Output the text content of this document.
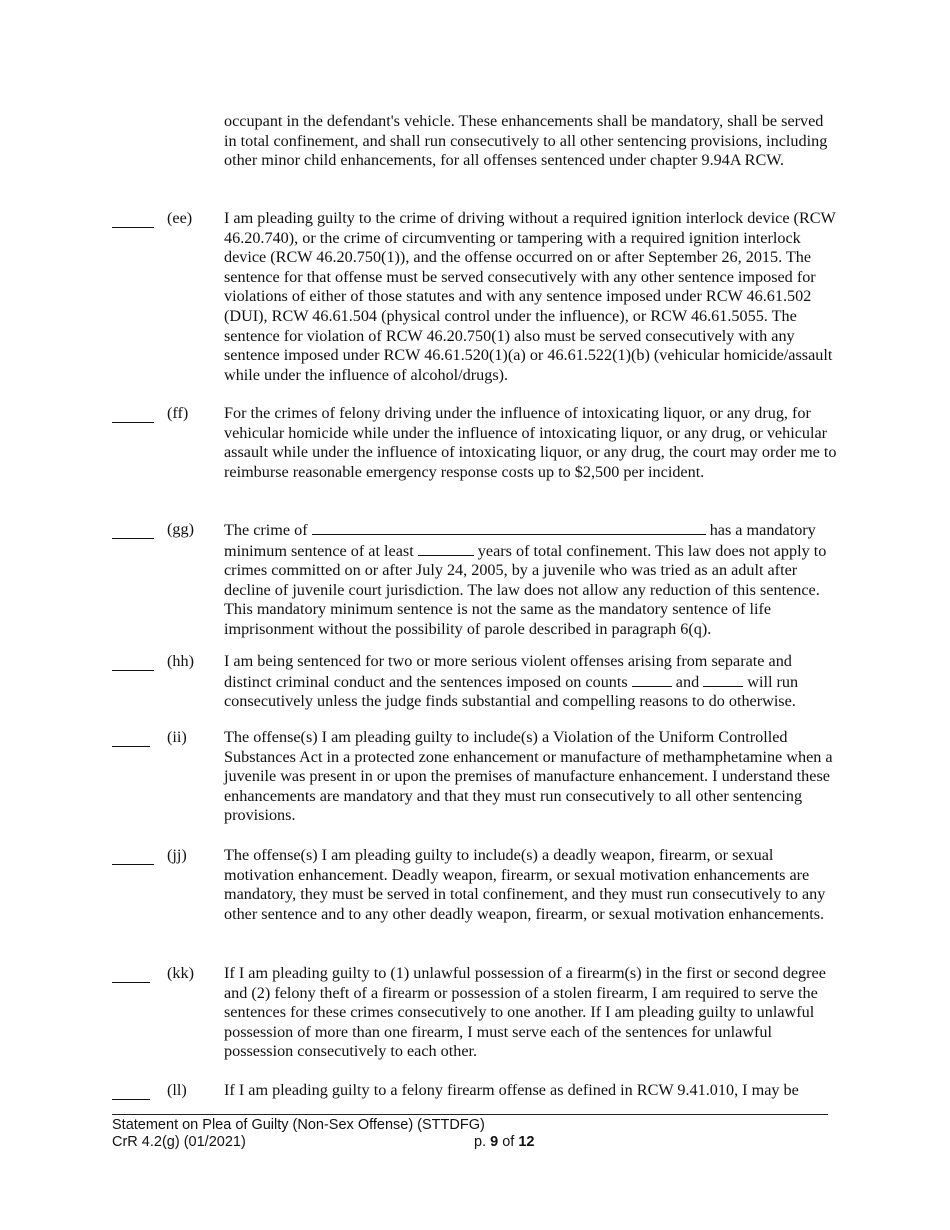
occupant in the defendant's vehicle. These enhancements shall be mandatory, shall be served in total confinement, and shall run consecutively to all other sentencing provisions, including other minor child enhancements, for all offenses sentenced under chapter 9.94A RCW.
(ee) I am pleading guilty to the crime of driving without a required ignition interlock device (RCW 46.20.740), or the crime of circumventing or tampering with a required ignition interlock device (RCW 46.20.750(1)), and the offense occurred on or after September 26, 2015. The sentence for that offense must be served consecutively with any other sentence imposed for violations of either of those statutes and with any sentence imposed under RCW 46.61.502 (DUI), RCW 46.61.504 (physical control under the influence), or RCW 46.61.5055. The sentence for violation of RCW 46.20.750(1) also must be served consecutively with any sentence imposed under RCW 46.61.520(1)(a) or 46.61.522(1)(b) (vehicular homicide/assault while under the influence of alcohol/drugs).
(ff) For the crimes of felony driving under the influence of intoxicating liquor, or any drug, for vehicular homicide while under the influence of intoxicating liquor, or any drug, or vehicular assault while under the influence of intoxicating liquor, or any drug, the court may order me to reimburse reasonable emergency response costs up to $2,500 per incident.
(gg) The crime of	has a mandatory minimum sentence of at least	years of total confinement. This law does not apply to crimes committed on or after July 24, 2005, by a juvenile who was tried as an adult after decline of juvenile court jurisdiction. The law does not allow any reduction of this sentence. This mandatory minimum sentence is not the same as the mandatory sentence of life imprisonment without the possibility of parole described in paragraph 6(q).
(hh) I am being sentenced for two or more serious violent offenses arising from separate and distinct criminal conduct and the sentences imposed on counts	and	will run consecutively unless the judge finds substantial and compelling reasons to do otherwise.
(ii) The offense(s) I am pleading guilty to include(s) a Violation of the Uniform Controlled Substances Act in a protected zone enhancement or manufacture of methamphetamine when a juvenile was present in or upon the premises of manufacture enhancement. I understand these enhancements are mandatory and that they must run consecutively to all other sentencing provisions.
(jj) The offense(s) I am pleading guilty to include(s) a deadly weapon, firearm, or sexual motivation enhancement. Deadly weapon, firearm, or sexual motivation enhancements are mandatory, they must be served in total confinement, and they must run consecutively to any other sentence and to any other deadly weapon, firearm, or sexual motivation enhancements.
(kk) If I am pleading guilty to (1) unlawful possession of a firearm(s) in the first or second degree and (2) felony theft of a firearm or possession of a stolen firearm, I am required to serve the sentences for these crimes consecutively to one another. If I am pleading guilty to unlawful possession of more than one firearm, I must serve each of the sentences for unlawful possession consecutively to each other.
(ll) If I am pleading guilty to a felony firearm offense as defined in RCW 9.41.010, I may be
Statement on Plea of Guilty (Non-Sex Offense) (STTDFG)
CrR 4.2(g) (01/2021)	p. 9 of 12
